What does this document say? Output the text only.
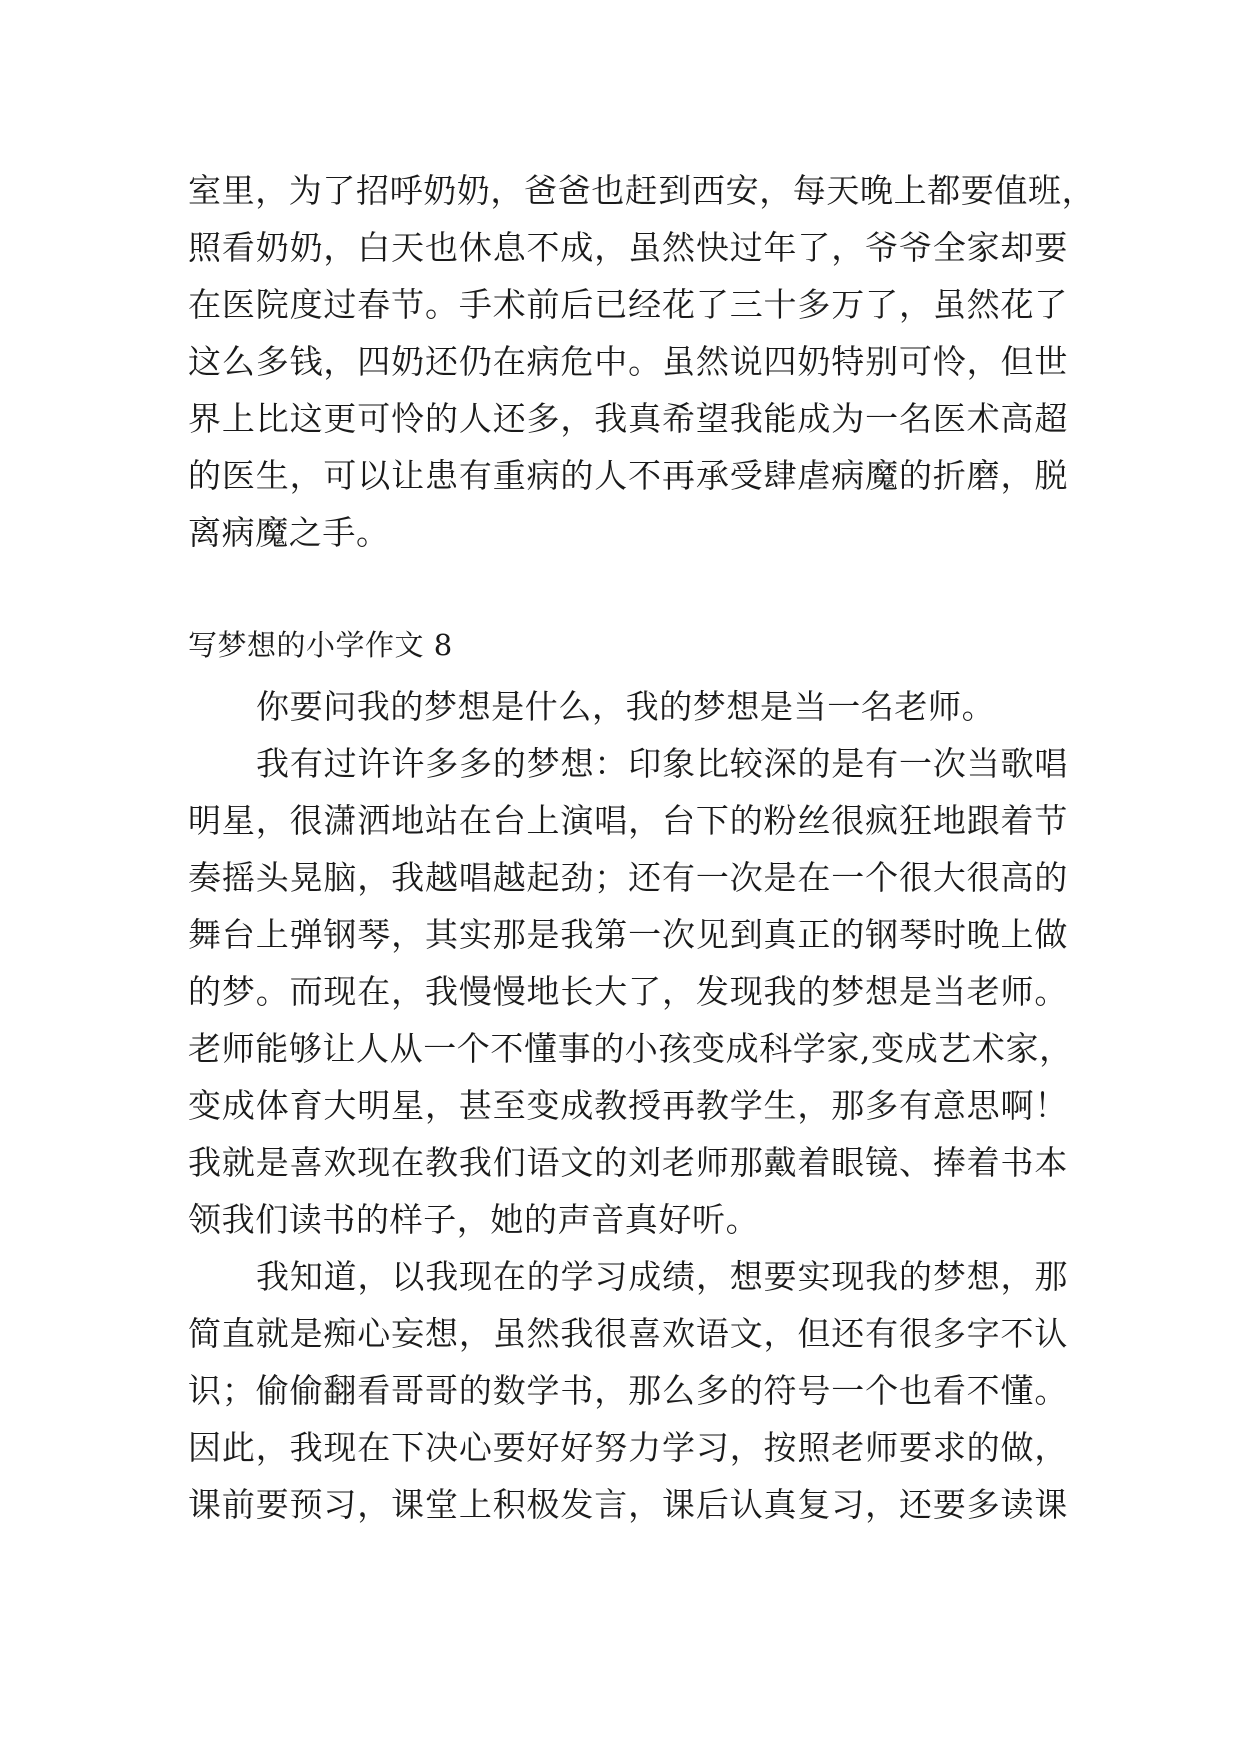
室里，为了招呼奶奶，爸爸也赶到西安，每天晚上都要值班，
照看奶奶，白天也休息不成，虽然快过年了，爷爷全家却要
在医院度过春节。手术前后已经花了三十多万了，虽然花了
这么多钱，四奶还仍在病危中。虽然说四奶特别可怜，但世
界上比这更可怜的人还多，我真希望我能成为一名医术高超
的医生，可以让患有重病的人不再承受肆虐病魔的折磨，脱
离病魔之手。
写梦想的小学作文 8
你要问我的梦想是什么，我的梦想是当一名老师。
我有过许许多多的梦想：印象比较深的是有一次当歌唱
明星，很潇洒地站在台上演唱，台下的粉丝很疯狂地跟着节
奏摇头晃脑，我越唱越起劲；还有一次是在一个很大很高的
舞台上弹钢琴，其实那是我第一次见到真正的钢琴时晚上做
的梦。而现在，我慢慢地长大了，发现我的梦想是当老师。
老师能够让人从一个不懂事的小孩变成科学家,变成艺术家，
变成体育大明星，甚至变成教授再教学生，那多有意思啊！
我就是喜欢现在教我们语文的刘老师那戴着眼镜、捧着书本
领我们读书的样子，她的声音真好听。
我知道，以我现在的学习成绩，想要实现我的梦想，那
简直就是痴心妄想，虽然我很喜欢语文，但还有很多字不认
识；偷偷翻看哥哥的数学书，那么多的符号一个也看不懂。
因此，我现在下决心要好好努力学习，按照老师要求的做，
课前要预习，课堂上积极发言，课后认真复习，还要多读课
